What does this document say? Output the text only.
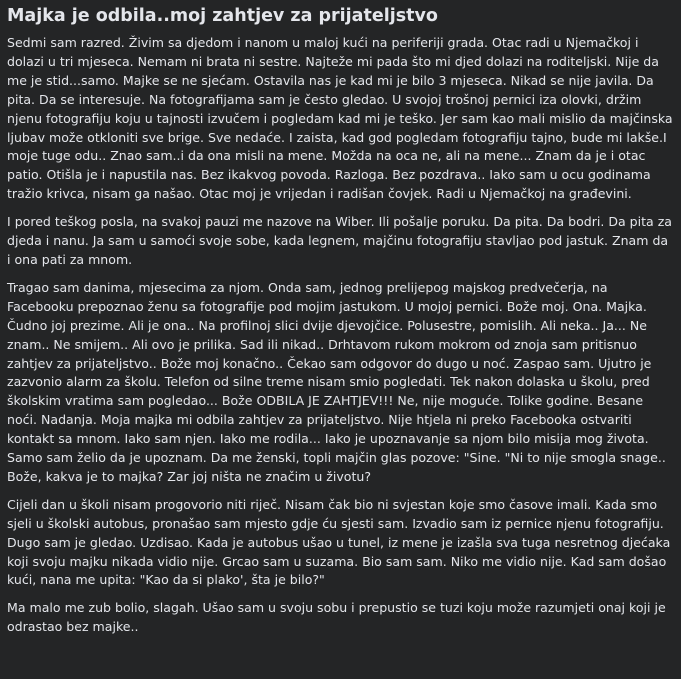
Majka je odbila..moj zahtjev za prijateljstvo

Sedmi sam razred. Živim sa djedom i nanom u maloj kući na periferiji grada. Otac radi u Njemačkoj i dolazi u tri mjeseca. Nemam ni brata ni sestre. Najteže mi pada što mi djed dolazi na roditeljski. Nije da me je stid...samo. Majke se ne sjećam. Ostavila nas je kad mi je bilo 3 mjeseca. Nikad se nije javila. Da pita. Da se interesuje. Na fotografijama sam je često gledao. U svojoj trošnoj pernici iza olovki, držim njenu fotografiju koju u tajnosti izvučem i pogledam kad mi je teško. Jer sam kao mali mislio da majčinska ljubav može otkloniti sve brige. Sve nedaće. I zaista, kad god pogledam fotografiju tajno, bude mi lakše.I moje tuge odu.. Znao sam..i da ona misli na mene. Možda na oca ne, ali na mene... Znam da je i otac patio. Otišla je i napustila nas. Bez ikakvog povoda. Razloga. Bez pozdrava.. Iako sam u ocu godinama tražio krivca, nisam ga našao. Otac moj je vrijedan i radišan čovjek. Radi u Njemačkoj na građevini.

I pored teškog posla, na svakoj pauzi me nazove na Wiber. Ili pošalje poruku. Da pita. Da bodri. Da pita za djeda i nanu. Ja sam u samoći svoje sobe, kada legnem, majčinu fotografiju stavljao pod jastuk. Znam da i ona pati za mnom.

Tragao sam danima, mjesecima za njom. Onda sam, jednog prelijepog majskog predvečerja, na Facebooku prepoznao ženu sa fotografije pod mojim jastukom. U mojoj pernici. Bože moj. Ona. Majka. Čudno joj prezime. Ali je ona.. Na profilnoj slici dvije djevojčice. Polusestre, pomislih. Ali neka.. Ja... Ne znam.. Ne smijem.. Ali ovo je prilika. Sad ili nikad.. Drhtavom rukom mokrom od znoja sam pritisnuo zahtjev za prijateljstvo.. Bože moj konačno.. Čekao sam odgovor do dugo u noć. Zaspao sam. Ujutro je zazvonio alarm za školu. Telefon od silne treme nisam smio pogledati. Tek nakon dolaska u školu, pred školskim vratima sam pogledao... Bože ODBILA JE ZAHTJEV!!! Ne, nije moguće. Tolike godine. Besane noći. Nadanja. Moja majka mi odbila zahtjev za prijateljstvo. Nije htjela ni preko Facebooka ostvariti kontakt sa mnom. Iako sam njen. Iako me rodila... Iako je upoznavanje sa njom bilo misija mog života. Samo sam želio da je upoznam. Da me ženski, topli majčin glas pozove: "Sine. "Ni to nije smogla snage.. Bože, kakva je to majka? Zar joj ništa ne značim u životu?

Cijeli dan u školi nisam progovorio niti riječ. Nisam čak bio ni svjestan koje smo časove imali. Kada smo sjeli u školski autobus, pronašao sam mjesto gdje ću sjesti sam. Izvadio sam iz pernice njenu fotografiju. Dugo sam je gledao. Uzdisao. Kada je autobus ušao u tunel, iz mene je izašla sva tuga nesretnog djećaka koji svoju majku nikada vidio nije. Grcao sam u suzama. Bio sam sam. Niko me vidio nije. Kad sam došao kući, nana me upita: "Kao da si plako', šta je bilo?"

Ma malo me zub bolio, slagah. Ušao sam u svoju sobu i prepustio se tuzi koju može razumjeti onaj koji je odrastao bez majke..
